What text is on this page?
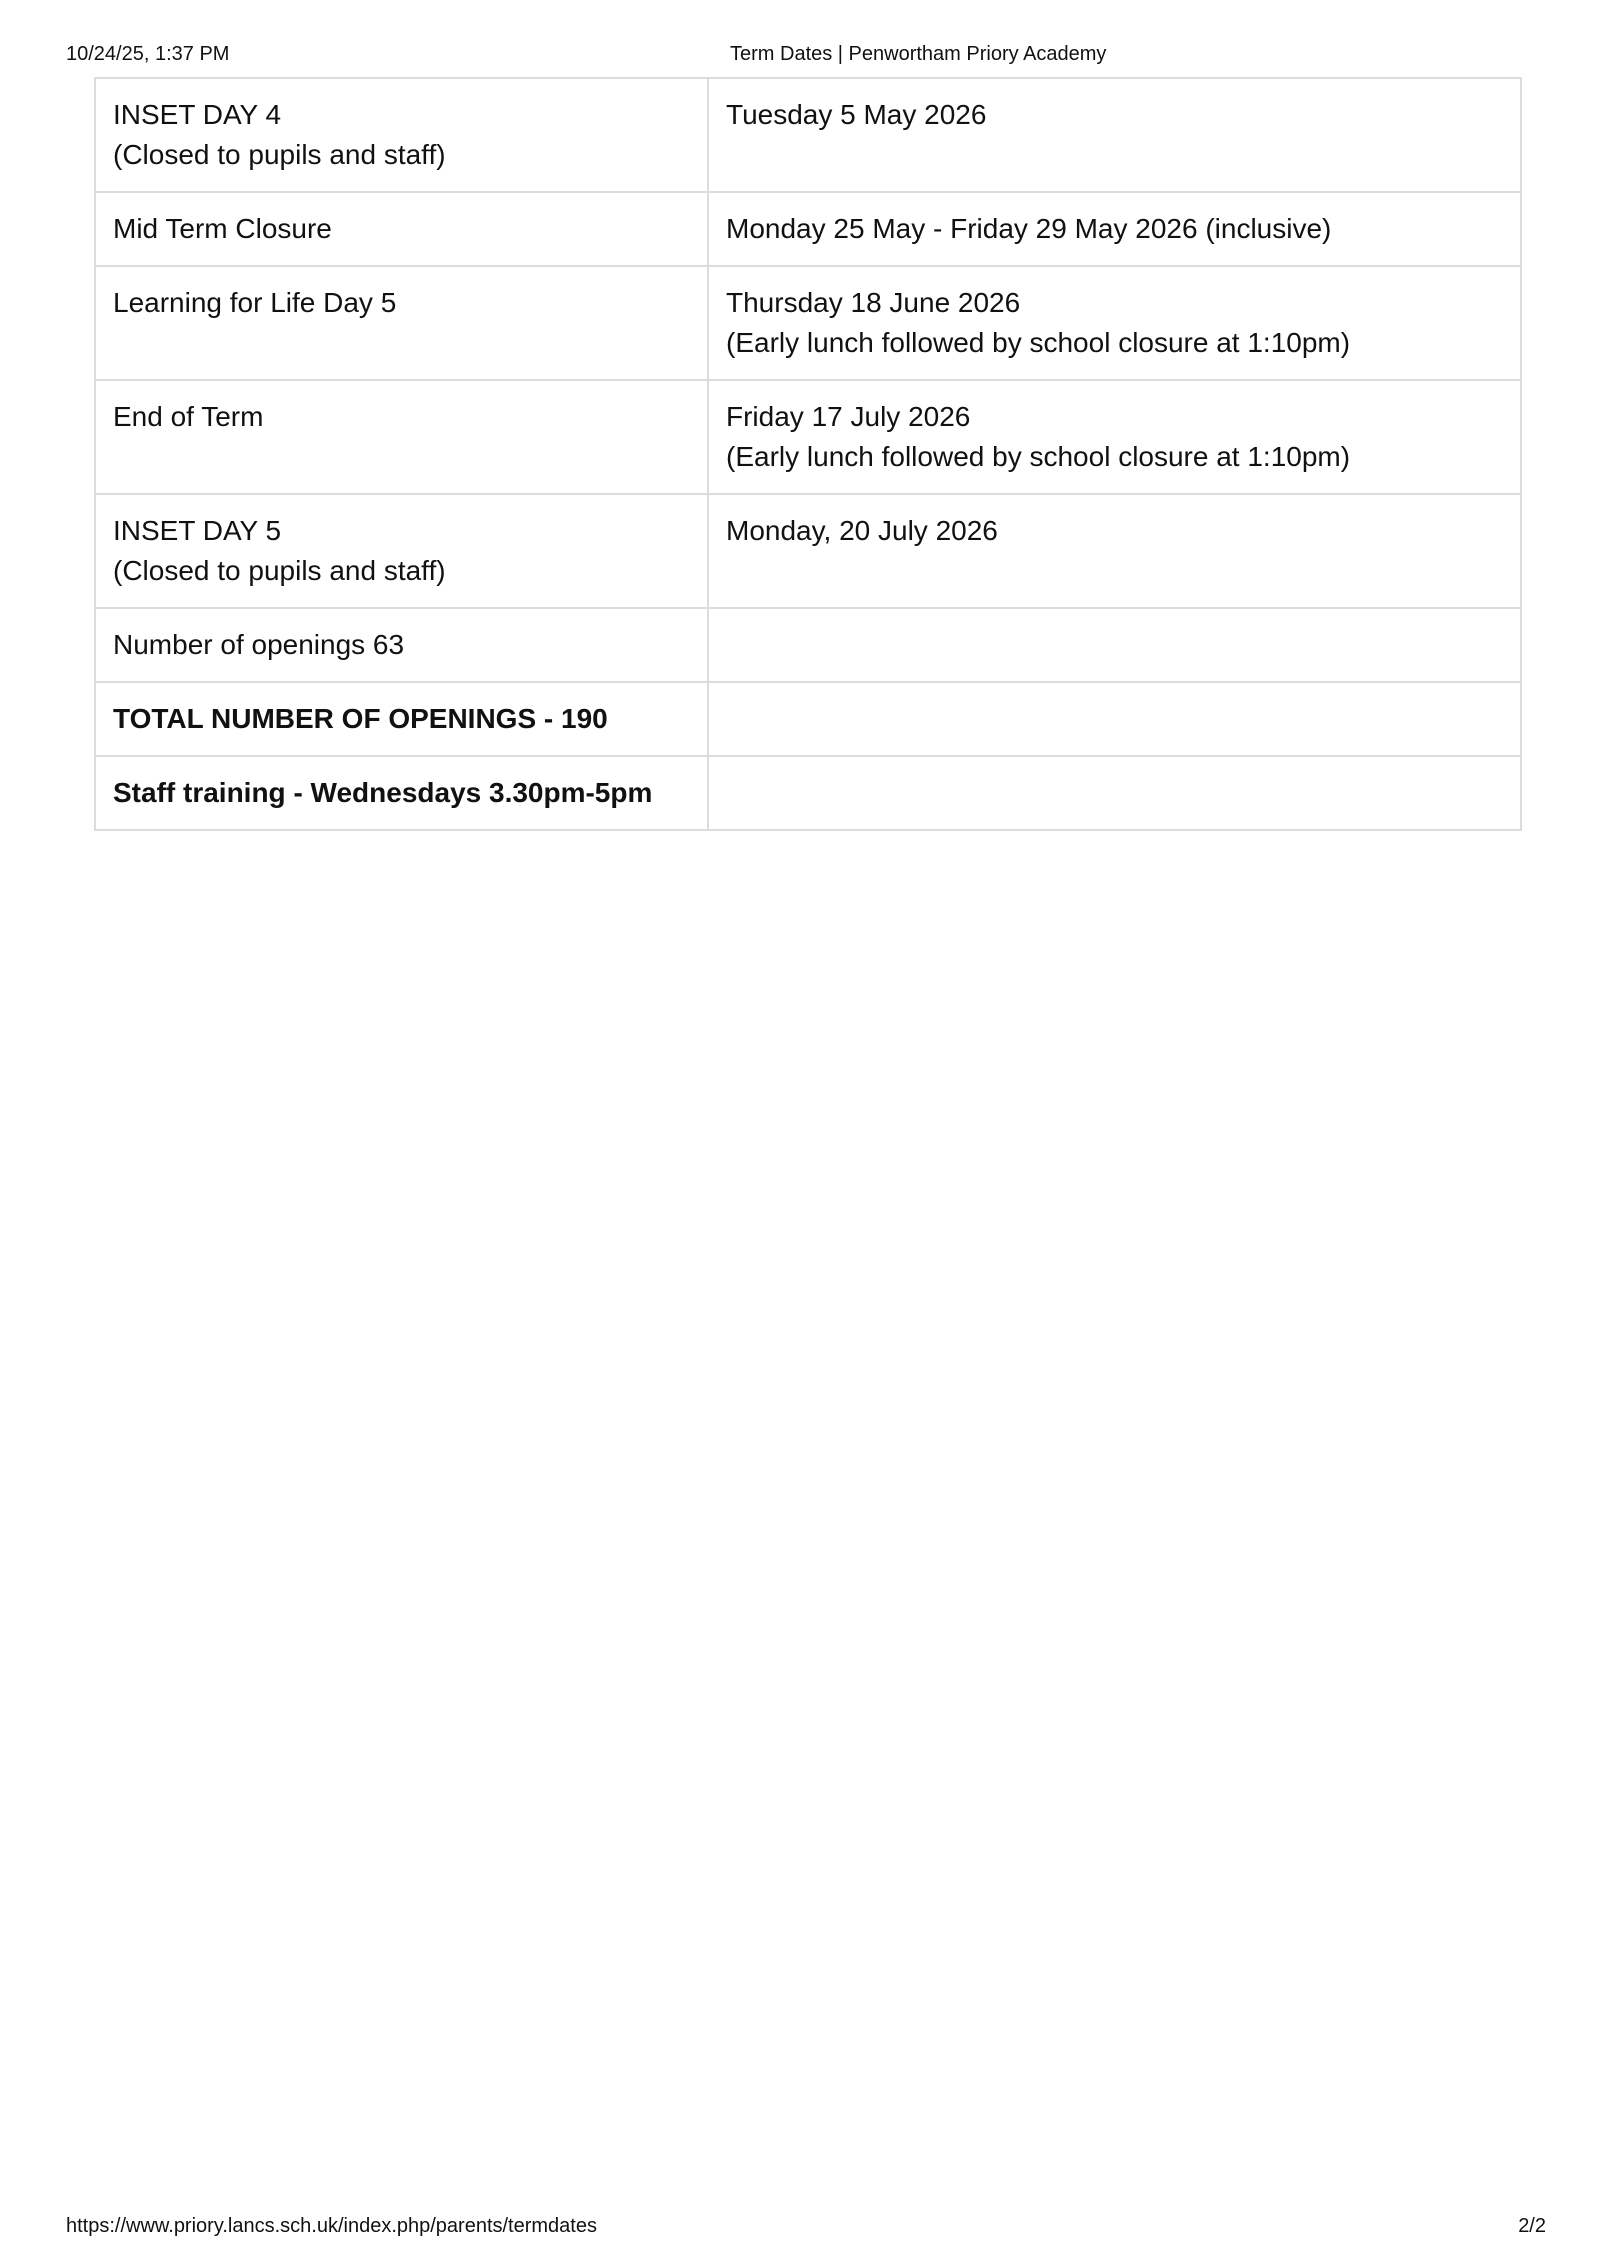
10/24/25, 1:37 PM	Term Dates | Penwortham Priory Academy
INSET DAY 4
(Closed to pupils and staff)	Tuesday 5 May 2026

Mid Term Closure	Monday 25 May - Friday 29 May 2026 (inclusive)

Learning for Life Day 5	Thursday 18 June 2026
(Early lunch followed by school closure at 1:10pm)

End of Term	Friday 17 July 2026
(Early lunch followed by school closure at 1:10pm)

INSET DAY 5
(Closed to pupils and staff)	Monday, 20 July 2026

Number of openings 63	

TOTAL NUMBER OF OPENINGS - 190	

Staff training - Wednesdays 3.30pm-5pm	

https://www.priory.lancs.sch.uk/index.php/parents/termdates	2/2
